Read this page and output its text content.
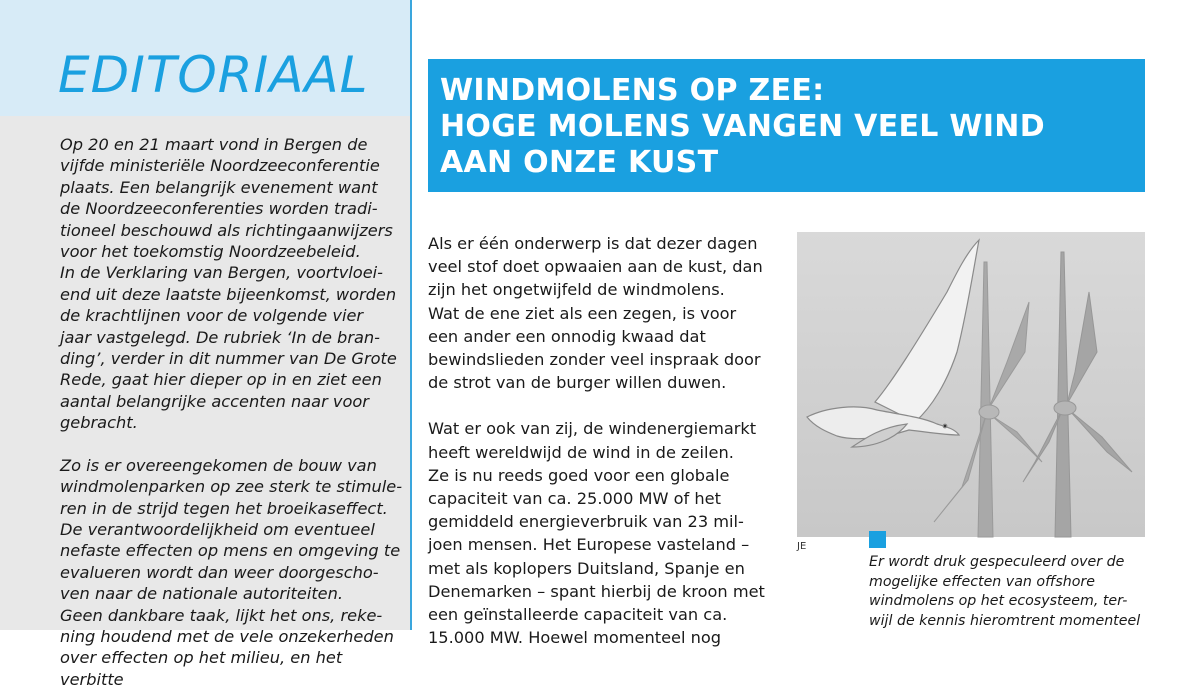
EDITORIAAL

Op 20 en 21 maart vond in Bergen de
vijfde ministeriële Noordzeeconferentie
plaats. Een belangrijk evenement want
de Noordzeeconferenties worden tradi-
tioneel beschouwd als richtingaanwijzers
voor het toekomstig Noordzeebeleid.
In de Verklaring van Bergen, voortvloei-
end uit deze laatste bijeenkomst, worden
de krachtlijnen voor de volgende vier
jaar vastgelegd. De rubriek ‘In de bran-
ding’, verder in dit nummer van De Grote
Rede, gaat hier dieper op in en ziet een
aantal belangrijke accenten naar voor
gebracht.

Zo is er overeengekomen de bouw van
windmolenparken op zee sterk te stimule-
ren in de strijd tegen het broeikaseffect.
De verantwoordelijkheid om eventueel
nefaste effecten op mens en omgeving te
evalueren wordt dan weer doorgescho-
ven naar de nationale autoriteiten.
Geen dankbare taak, lijkt het ons, reke-
ning houdend met de vele onzekerheden
over effecten op het milieu, en het verbitte

WINDMOLENS OP ZEE:
HOGE MOLENS VANGEN VEEL WIND
AAN ONZE KUST

Als er één onderwerp is dat dezer dagen
veel stof doet opwaaien aan de kust, dan
zijn het ongetwijfeld de windmolens.
Wat de ene ziet als een zegen, is voor
een ander een onnodig kwaad dat
bewindslieden zonder veel inspraak door
de strot van de burger willen duwen.

Wat er ook van zij, de windenergiemarkt
heeft wereldwijd de wind in de zeilen.
Ze is nu reeds goed voor een globale
capaciteit van ca. 25.000 MW of het
gemiddeld energieverbruik van 23 mil-
joen mensen. Het Europese vasteland –
met als koplopers Duitsland, Spanje en
Denemarken – spant hierbij de kroon met
een geïnstalleerde capaciteit van ca.
15.000 MW. Hoewel momenteel nog

JE

Er wordt druk gespeculeerd over de
mogelijke effecten van offshore
windmolens op het ecosysteem, ter-
wijl de kennis hieromtrent momenteel
